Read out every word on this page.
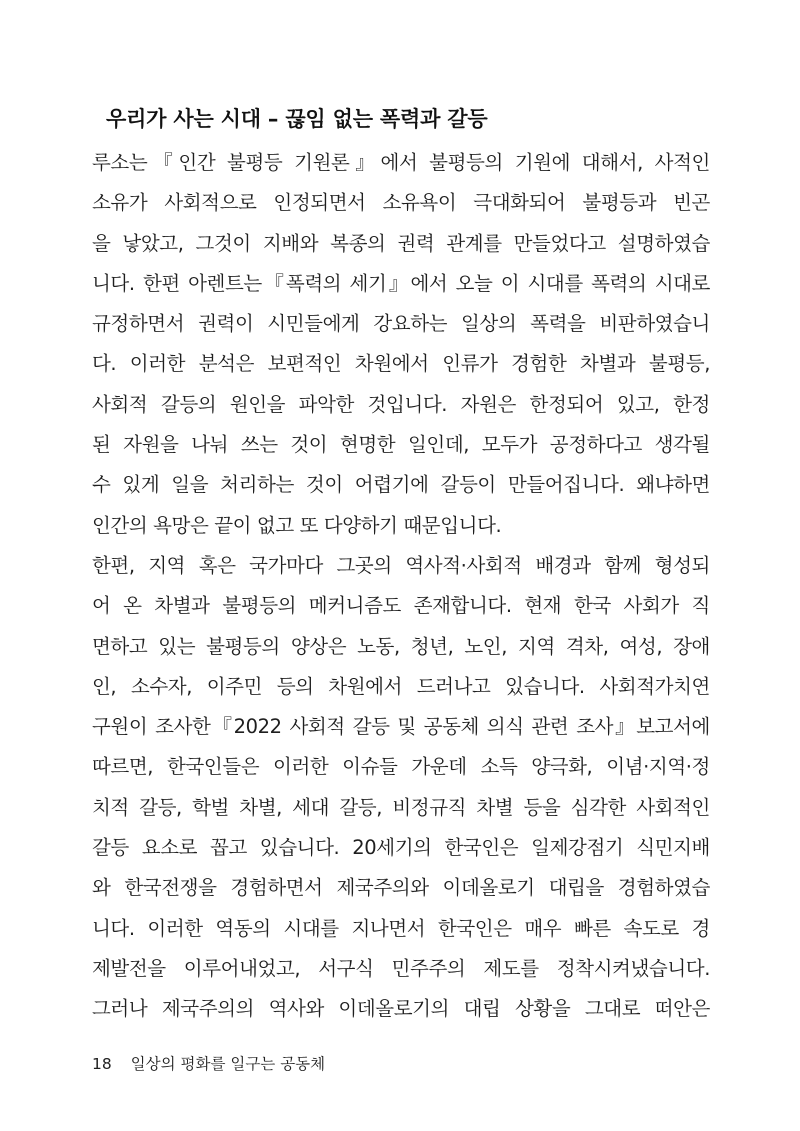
우리가 사는 시대 – 끊임 없는 폭력과 갈등
루소는『인간 불평등 기원론』에서 불평등의 기원에 대해서, 사적인
소유가 사회적으로 인정되면서 소유욕이 극대화되어 불평등과 빈곤
을 낳았고, 그것이 지배와 복종의 권력 관계를 만들었다고 설명하였습
니다. 한편 아렌트는『폭력의 세기』에서 오늘 이 시대를 폭력의 시대로
규정하면서 권력이 시민들에게 강요하는 일상의 폭력을 비판하였습니
다. 이러한 분석은 보편적인 차원에서 인류가 경험한 차별과 불평등,
사회적 갈등의 원인을 파악한 것입니다. 자원은 한정되어 있고, 한정
된 자원을 나눠 쓰는 것이 현명한 일인데, 모두가 공정하다고 생각될
수 있게 일을 처리하는 것이 어렵기에 갈등이 만들어집니다. 왜냐하면
인간의 욕망은 끝이 없고 또 다양하기 때문입니다.
한편, 지역 혹은 국가마다 그곳의 역사적·사회적 배경과 함께 형성되
어 온 차별과 불평등의 메커니즘도 존재합니다. 현재 한국 사회가 직
면하고 있는 불평등의 양상은 노동, 청년, 노인, 지역 격차, 여성, 장애
인, 소수자, 이주민 등의 차원에서 드러나고 있습니다. 사회적가치연
구원이 조사한『2022 사회적 갈등 및 공동체 의식 관련 조사』보고서에
따르면, 한국인들은 이러한 이슈들 가운데 소득 양극화, 이념·지역·정
치적 갈등, 학벌 차별, 세대 갈등, 비정규직 차별 등을 심각한 사회적인
갈등 요소로 꼽고 있습니다. 20세기의 한국인은 일제강점기 식민지배
와 한국전쟁을 경험하면서 제국주의와 이데올로기 대립을 경험하였습
니다. 이러한 역동의 시대를 지나면서 한국인은 매우 빠른 속도로 경
제발전을 이루어내었고, 서구식 민주주의 제도를 정착시켜냈습니다.
그러나 제국주의의 역사와 이데올로기의 대립 상황을 그대로 떠안은
18 일상의 평화를 일구는 공동체
